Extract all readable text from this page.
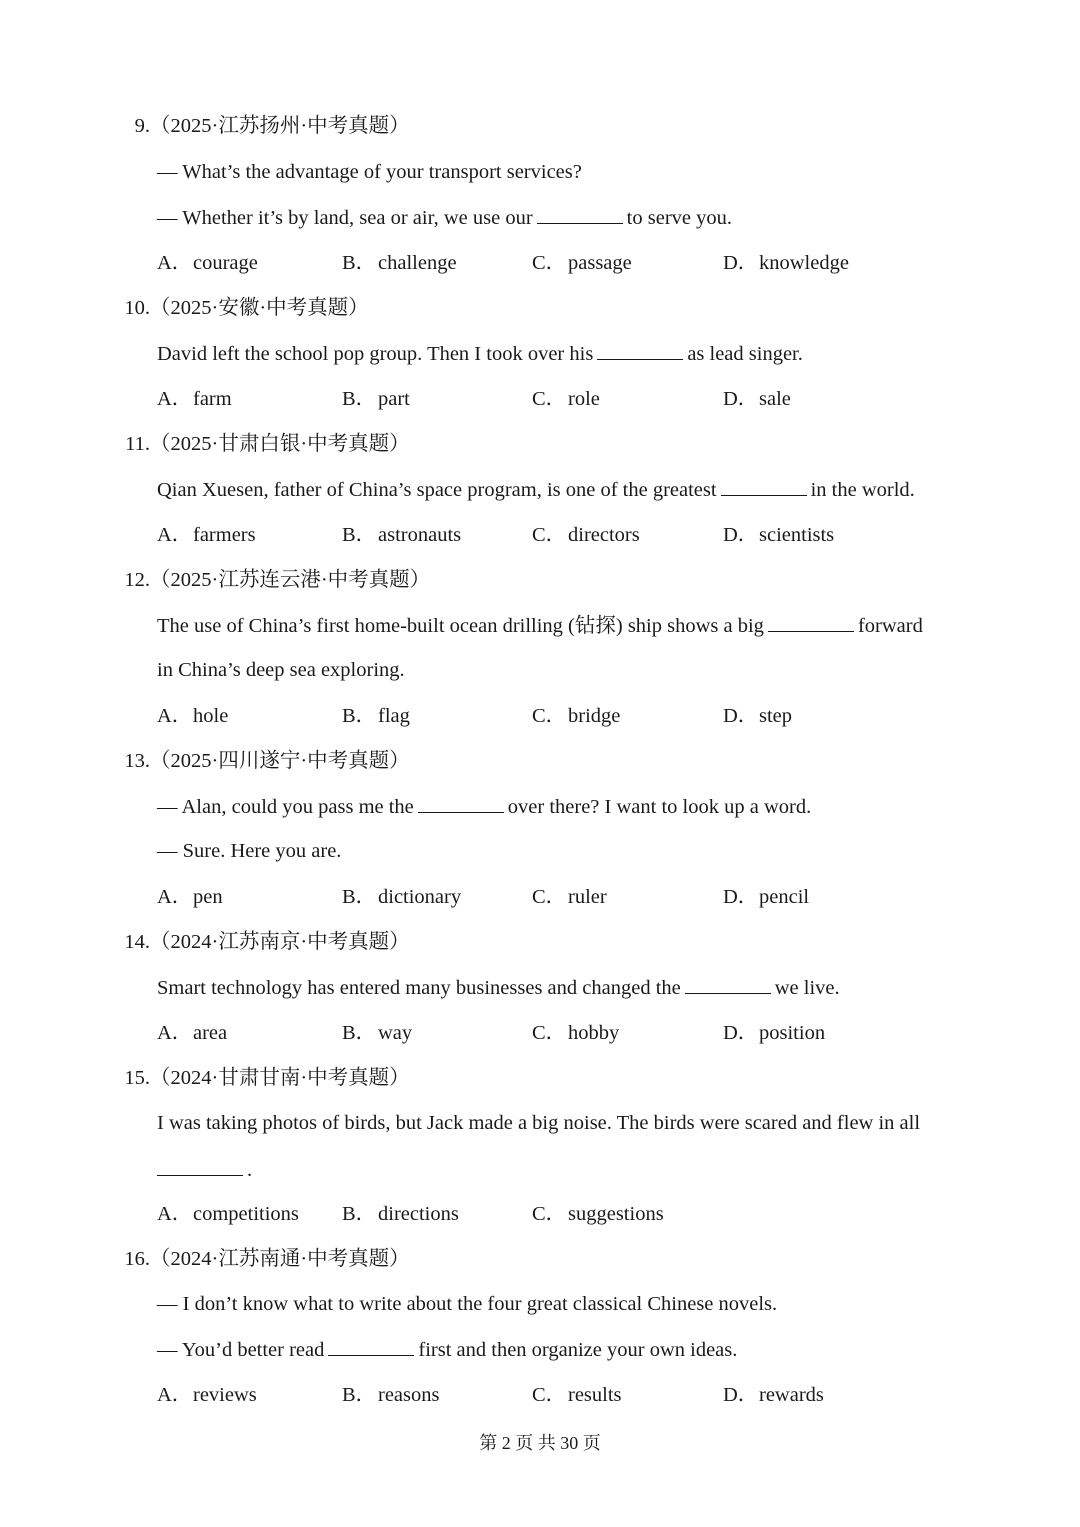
9.（2025·江苏扬州·中考真题）
— What’s the advantage of your transport services?
— Whether it’s by land, sea or air, we use our	to serve you.
A．courage	B．challenge	C．passage	D．knowledge
10.（2025·安徽·中考真题）
David left the school pop group. Then I took over his	as lead singer.
A．farm	B．part	C．role	D．sale
11.（2025·甘肃白银·中考真题）
Qian Xuesen, father of China’s space program, is one of the greatest	in the world.
A．farmers	B．astronauts	C．directors	D．scientists
12.（2025·江苏连云港·中考真题）
The use of China’s first home-built ocean drilling (钻探) ship shows a big	forward
in China’s deep sea exploring.
A．hole	B．flag	C．bridge	D．step
13.（2025·四川遂宁·中考真题）
— Alan, could you pass me the	over there? I want to look up a word.
— Sure. Here you are.
A．pen	B．dictionary	C．ruler	D．pencil
14.（2024·江苏南京·中考真题）
Smart technology has entered many businesses and changed the	we live.
A．area	B．way	C．hobby	D．position
15.（2024·甘肃甘南·中考真题）
I was taking photos of birds, but Jack made a big noise. The birds were scared and flew in all
.
A．competitions B．directions	C．suggestions
16.（2024·江苏南通·中考真题）
— I don’t know what to write about the four great classical Chinese novels.
— You’d better read	first and then organize your own ideas.
A．reviews	B．reasons	C．results	D．rewards
第 2 页 共 30 页
